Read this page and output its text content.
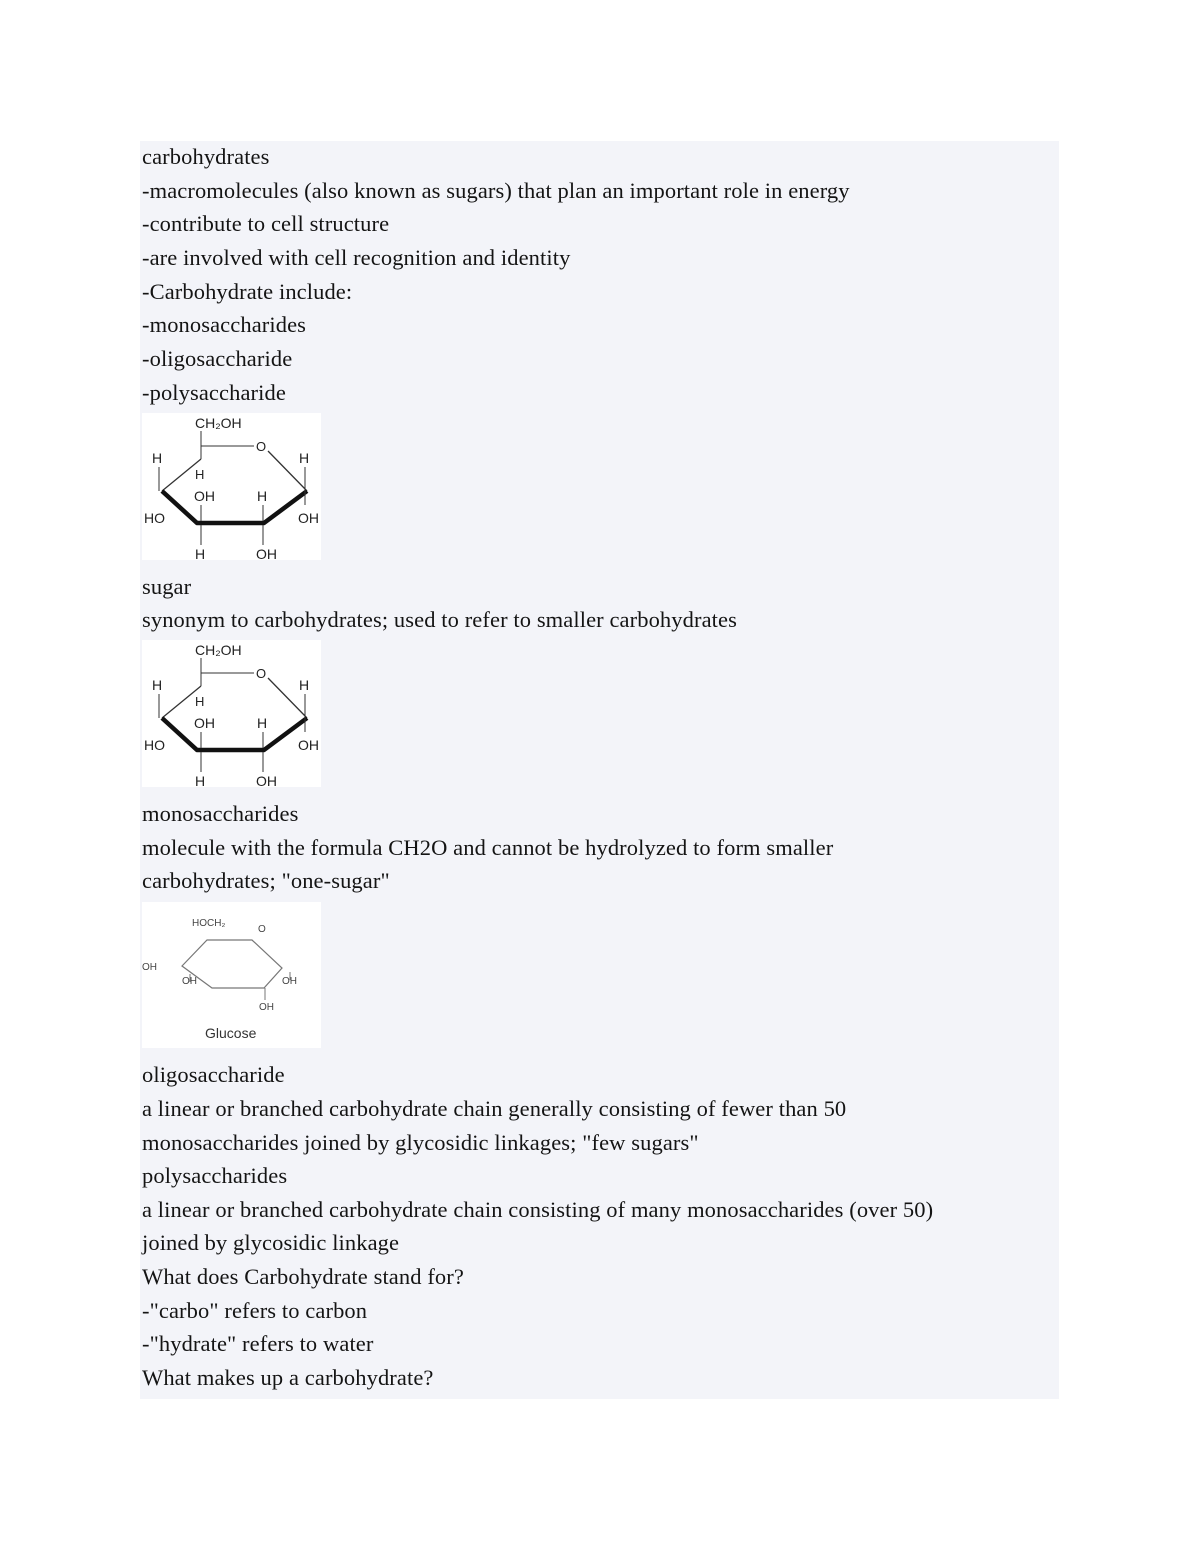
carbohydrates
-macromolecules (also known as sugars) that plan an important role in energy
-contribute to cell structure
-are involved with cell recognition and identity
-Carbohydrate include:
-monosaccharides
-oligosaccharide
-polysaccharide
CH₂OH
O
H
HO
H
OH
H
H
OH
H
OH
sugar
synonym to carbohydrates; used to refer to smaller carbohydrates
CH₂OH
O
H
HO
H
OH
H
H
OH
H
OH
monosaccharides
molecule with the formula CH2O and cannot be hydrolyzed to form smaller
carbohydrates; "one-sugar"
HOCH₂
O
OH
OH	OH
OH
Glucose
oligosaccharide
a linear or branched carbohydrate chain generally consisting of fewer than 50
monosaccharides joined by glycosidic linkages; "few sugars"
polysaccharides
a linear or branched carbohydrate chain consisting of many monosaccharides (over 50)
joined by glycosidic linkage
What does Carbohydrate stand for?
-"carbo" refers to carbon
-"hydrate" refers to water
What makes up a carbohydrate?
